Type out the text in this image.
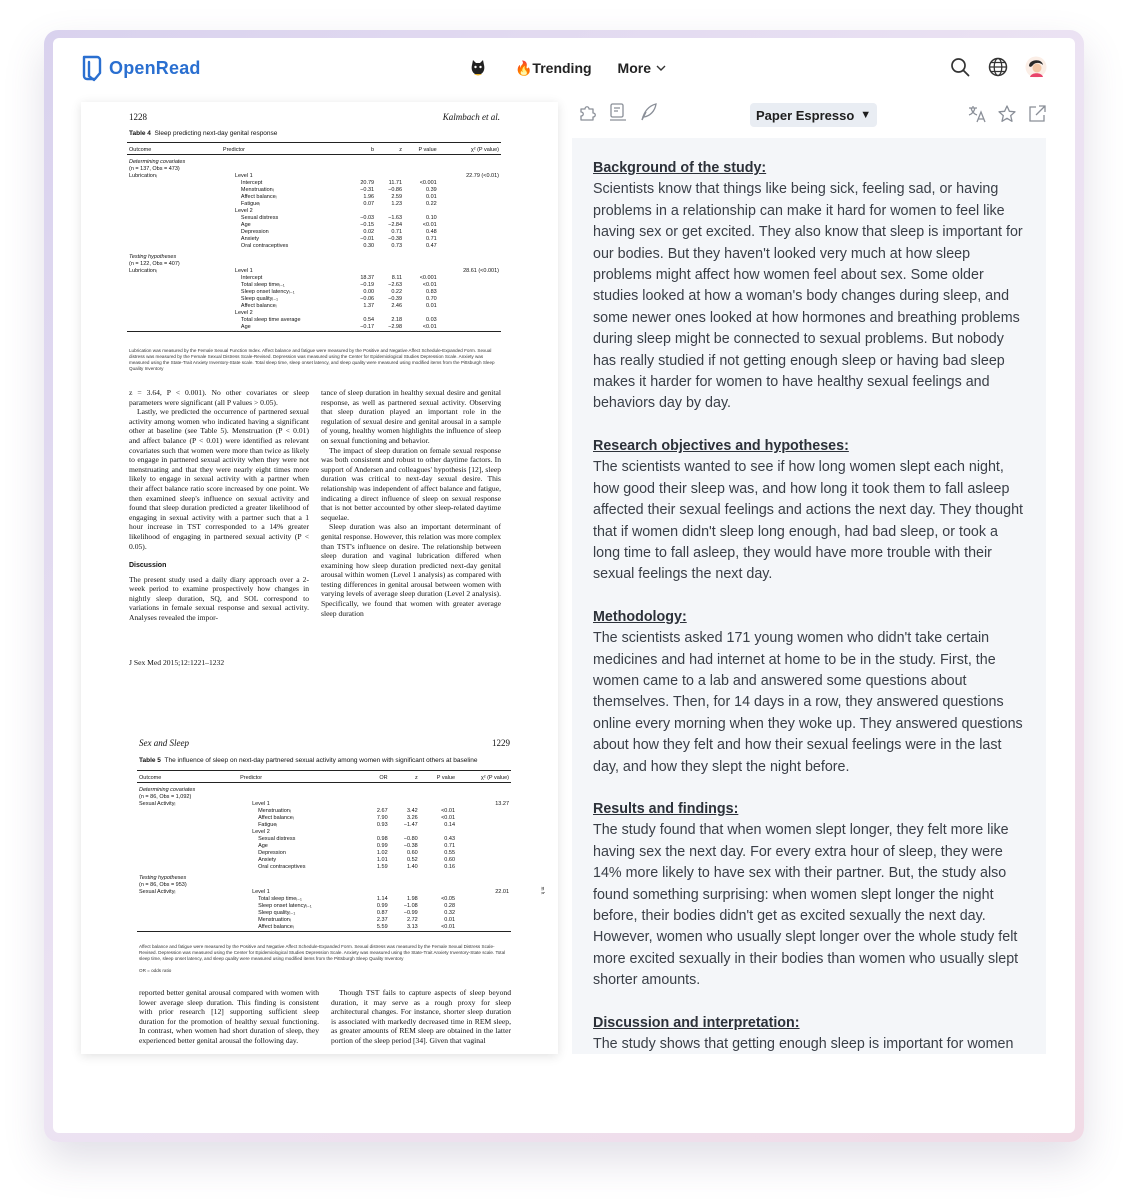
OpenRead	🔥Trending More
1228	Kalmbach et al.
Table 4 Sleep predicting next-day genital response
Outcome	Predictor	b	z	P value	χ² (P value)
Determining covariates					
(n = 137, Obs = 473)					
Lubricationᵢ	Level 1				22.79 (<0.01)
	Intercept	20.79	11.71	<0.001	
	Menstruationᵢ	−0.31	−0.86	0.39	
	Affect balanceᵢ	1.96	2.59	0.01	
	Fatigueᵢ	0.07	1.23	0.22	
	Level 2				
	Sexual distress	−0.03	−1.63	0.10	
	Age	−0.15	−2.84	<0.01	
	Depression	0.02	0.71	0.48	
	Anxiety	−0.01	−0.38	0.71	
	Oral contraceptives	0.30	0.73	0.47	
Testing hypotheses					
(n = 122, Obs = 407)					
Lubricationᵢ	Level 1				28.61 (<0.001)
	Intercept	18.37	8.11	<0.001	
	Total sleep timeᵢ₋₁	−0.19	−2.63	<0.01	
	Sleep onset latencyᵢ₋₁	0.00	0.22	0.83	
	Sleep qualityᵢ₋₁	−0.06	−0.39	0.70	
	Affect balanceᵢ	1.37	2.46	0.01	
	Level 2				
	Total sleep time average	0.54	2.18	0.03	
	Age	−0.17	−2.98	<0.01	
Lubrication was measured by the Female Sexual Function Index. Affect balance and fatigue were measured by the Positive and Negative Affect Schedule-Expanded Form. Sexual distress was measured by the Female Sexual Distress Scale-Revised. Depression was measured using the Center for Epidemiological Studies Depression Scale. Anxiety was measured using the State-Trait Anxiety Inventory-State scale. Total sleep time, sleep onset latency, and sleep quality were measured using modified items from the Pittsburgh Sleep Quality Inventory

z = 3.64, P < 0.001). No other covariates or sleep parameters were significant (all P values > 0.05).

Lastly, we predicted the occurrence of partnered sexual activity among women who indicated having a significant other at baseline (see Table 5). Menstruation (P < 0.01) and affect balance (P < 0.01) were identified as relevant covariates such that women were more than twice as likely to engage in partnered sexual activity when they were not menstruating and that they were nearly eight times more likely to engage in sexual activity with a partner when their affect balance ratio score increased by one point. We then examined sleep's influence on sexual activity and found that sleep duration predicted a greater likelihood of engaging in sexual activity with a partner such that a 1 hour increase in TST corresponded to a 14% greater likelihood of engaging in partnered sexual activity (P < 0.05).

Discussion

The present study used a daily diary approach over a 2-week period to examine prospectively how changes in nightly sleep duration, SQ, and SOL correspond to variations in female sexual response and sexual activity. Analyses revealed the impor-

tance of sleep duration in healthy sexual desire and genital response, as well as partnered sexual activity. Observing that sleep duration played an important role in the regulation of sexual desire and genital arousal in a sample of young, healthy women highlights the influence of sleep on sexual functioning and behavior.

The impact of sleep duration on female sexual response was both consistent and robust to other daytime factors. In support of Andersen and colleagues' hypothesis [12], sleep duration was critical to next-day sexual desire. This relationship was independent of affect balance and fatigue, indicating a direct influence of sleep on sexual response that is not better accounted by other sleep-related daytime sequelae.

Sleep duration was also an important determinant of genital response. However, this relation was more complex than TST's influence on desire. The relationship between sleep duration and vaginal lubrication differed when examining how sleep duration predicted next-day genital arousal within women (Level 1 analysis) as compared with testing differences in genital arousal between women with varying levels of average sleep duration (Level 2 analysis). Specifically, we found that women with greater average sleep duration

J Sex Med 2015;12:1221–1232
Sex and Sleep	1229
Table 5 The influence of sleep on next-day partnered sexual activity among women with significant others at baseline
Outcome	Predictor	OR	z	P value	χ² (P value)
Determining covariates					
(n = 86, Obs = 1,092)					
Sexual Activityᵢ	Level 1				13.27
	Menstruationᵢ	2.67	3.42	<0.01	
	Affect balanceᵢ	7.90	3.26	<0.01	
	Fatigueᵢ	0.93	−1.47	0.14	
	Level 2				
	Sexual distress	0.98	−0.80	0.43	
	Age	0.99	−0.38	0.71	
	Depression	1.02	0.60	0.55	
	Anxiety	1.01	0.52	0.60	
	Oral contraceptives	1.59	1.40	0.16	
Testing hypotheses					
(n = 86, Obs = 953)					
Sexual Activityᵢ	Level 1				22.01
	Total sleep timeᵢ₋₁	1.14	1.98	<0.05	
	Sleep onset latencyᵢ₋₁	0.99	−1.08	0.28	
	Sleep qualityᵢ₋₁	0.87	−0.99	0.32	
	Menstruationᵢ	2.37	2.72	0.01	
	Affect balanceᵢ	5.59	3.13	<0.01	
Affect balance and fatigue were measured by the Positive and Negative Affect Schedule-Expanded Form. Sexual distress was measured by the Female Sexual Distress Scale-Revised. Depression was measured using the Center for Epidemiological Studies Depression Scale. Anxiety was measured using the State-Trait Anxiety Inventory-State scale. Total sleep time, sleep onset latency, and sleep quality were measured using modified items from the Pittsburgh Sleep Quality Inventory
OR = odds ratio
m h

reported better genital arousal compared with women with lower average sleep duration. This finding is consistent with prior research [12] supporting sufficient sleep duration for the promotion of healthy sexual functioning. In contrast, when women had short duration of sleep, they experienced better genital arousal the following day.

Though TST fails to capture aspects of sleep beyond duration, it may serve as a rough proxy for sleep architectural changes. For instance, shorter sleep duration is associated with markedly decreased time in REM sleep, as greater amounts of REM sleep are obtained in the latter portion of the sleep period [34]. Given that vaginal

Paper Espresso ▼
Background of the study:
Scientists know that things like being sick, feeling sad, or having problems in a relationship can make it hard for women to feel like having sex or get excited. They also know that sleep is important for our bodies. But they haven't looked very much at how sleep problems might affect how women feel about sex. Some older studies looked at how a woman's body changes during sleep, and some newer ones looked at how hormones and breathing problems during sleep might be connected to sexual problems. But nobody has really studied if not getting enough sleep or having bad sleep makes it harder for women to have healthy sexual feelings and behaviors day by day.
Research objectives and hypotheses:
The scientists wanted to see if how long women slept each night, how good their sleep was, and how long it took them to fall asleep affected their sexual feelings and actions the next day. They thought that if women didn't sleep long enough, had bad sleep, or took a long time to fall asleep, they would have more trouble with their sexual feelings the next day.
Methodology:
The scientists asked 171 young women who didn't take certain medicines and had internet at home to be in the study. First, the women came to a lab and answered some questions about themselves. Then, for 14 days in a row, they answered questions online every morning when they woke up. They answered questions about how they felt and how their sexual feelings were in the last day, and how they slept the night before.
Results and findings:
The study found that when women slept longer, they felt more like having sex the next day. For every extra hour of sleep, they were 14% more likely to have sex with their partner. But, the study also found something surprising: when women slept longer the night before, their bodies didn't get as excited sexually the next day. However, women who usually slept longer over the whole study felt more excited sexually in their bodies than women who usually slept shorter amounts.
Discussion and interpretation:
The study shows that getting enough sleep is important for women
